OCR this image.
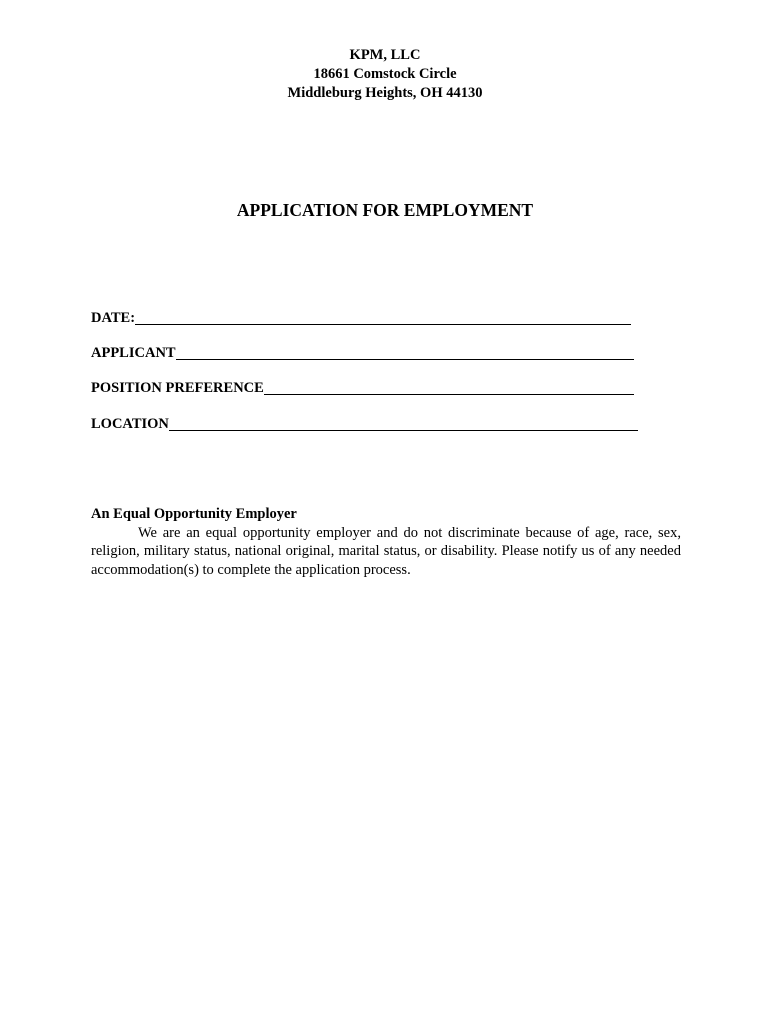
KPM, LLC
18661 Comstock Circle
Middleburg Heights, OH 44130
APPLICATION FOR EMPLOYMENT
DATE:
APPLICANT
POSITION PREFERENCE
LOCATION
An Equal Opportunity Employer
We are an equal opportunity employer and do not discriminate because of age, race, sex, religion, military status, national original, marital status, or disability. Please notify us of any needed accommodation(s) to complete the application process.
